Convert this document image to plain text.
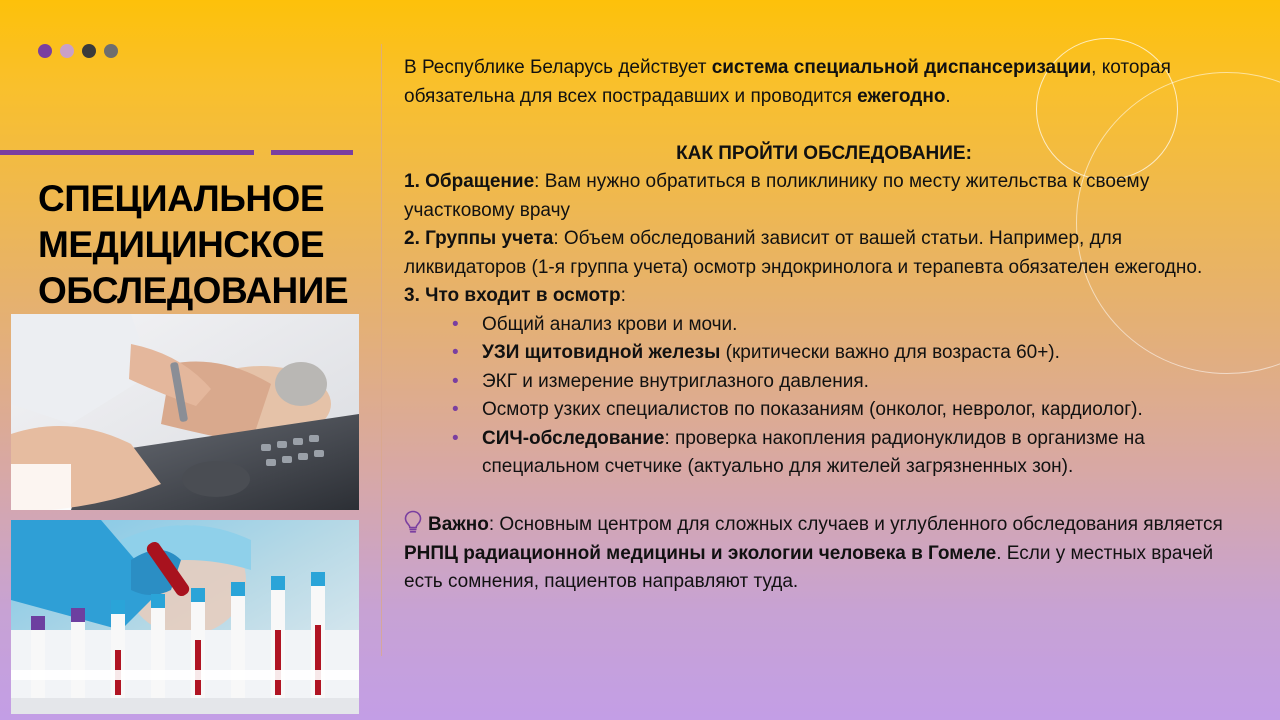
СПЕЦИАЛЬНОЕ
МЕДИЦИНСКОЕ
ОБСЛЕДОВАНИЕ

В Республике Беларусь действует система специальной диспансеризации, которая обязательна для всех пострадавших и проводится ежегодно.

КАК ПРОЙТИ ОБСЛЕДОВАНИЕ:

1. Обращение: Вам нужно обратиться в поликлинику по месту жительства к своему участковому врачу

2. Группы учета: Объем обследований зависит от вашей статьи. Например, для ликвидаторов (1-я группа учета) осмотр эндокринолога и терапевта обязателен ежегодно.

3. Что входит в осмотр:

• Общий анализ крови и мочи.
• УЗИ щитовидной железы (критически важно для возраста 60+).
• ЭКГ и измерение внутриглазного давления.
• Осмотр узких специалистов по показаниям (онколог, невролог, кардиолог).
• СИЧ-обследование: проверка накопления радионуклидов в организме на специальном счетчике (актуально для жителей загрязненных зон).

Важно: Основным центром для сложных случаев и углубленного обследования является РНПЦ радиационной медицины и экологии человека в Гомеле. Если у местных врачей есть сомнения, пациентов направляют туда.
